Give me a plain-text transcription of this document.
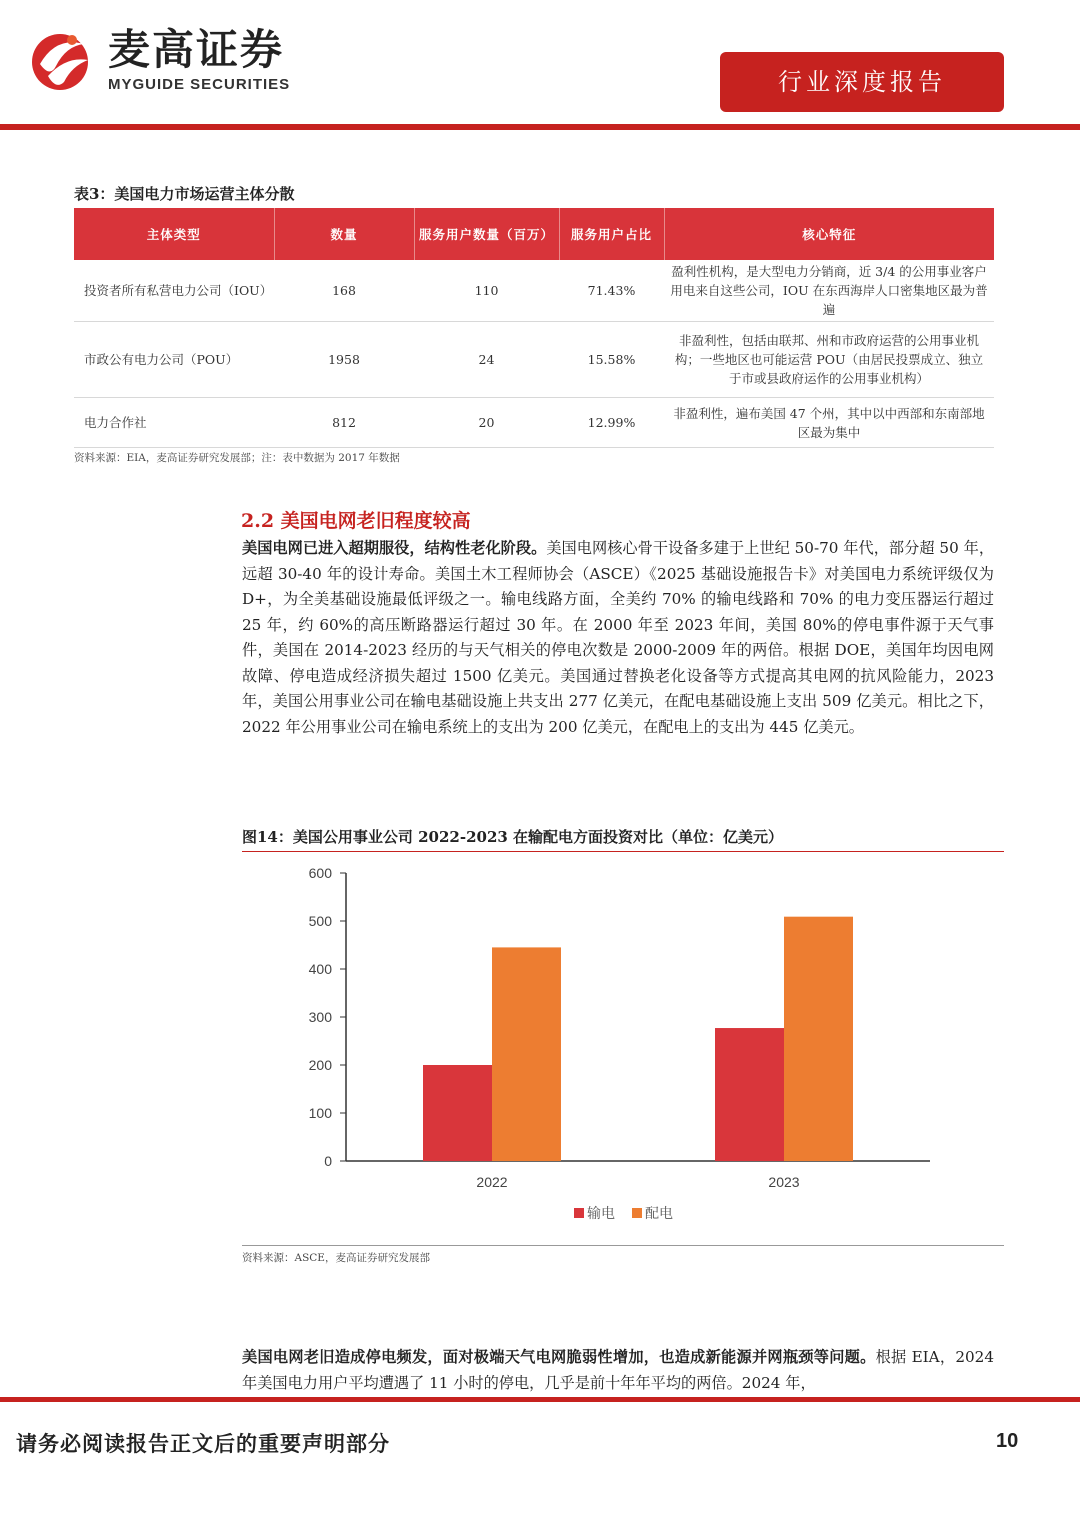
麦高证券
MYGUIDE SECURITIES	行业深度报告
表3：美国电力市场运营主体分散
主体类型	数量	服务用户数量（百万）	服务用户占比	核心特征
投资者所有私营电力公司（IOU）	168	110	71.43%	盈利性机构，是大型电力分销商，近 3/4 的公用事业客户用电来自这些公司，IOU 在东西海岸人口密集地区最为普遍
市政公有电力公司（POU）	1958	24	15.58%	非盈利性，包括由联邦、州和市政府运营的公用事业机构；一些地区也可能运营 POU（由居民投票成立、独立于市或县政府运作的公用事业机构）
电力合作社	812	20	12.99%	非盈利性，遍布美国 47 个州，其中以中西部和东南部地区最为集中
资料来源：EIA，麦高证券研究发展部；注：表中数据为 2017 年数据
2.2 美国电网老旧程度较高
美国电网已进入超期服役，结构性老化阶段。美国电网核心骨干设备多建于上世纪 50-70 年代，部分超 50 年，远超 30-40 年的设计寿命。美国土木工程师协会（ASCE）《2025 基础设施报告卡》对美国电力系统评级仅为 D+，为全美基础设施最低评级之一。输电线路方面，全美约 70% 的输电线路和 70% 的电力变压器运行超过 25 年，约 60%的高压断路器运行超过 30 年。在 2000 年至 2023 年间，美国 80%的停电事件源于天气事件，美国在 2014-2023 经历的与天气相关的停电次数是 2000-2009 年的两倍。根据 DOE，美国年均因电网故障、停电造成经济损失超过 1500 亿美元。美国通过替换老化设备等方式提高其电网的抗风险能力，2023 年，美国公用事业公司在输电基础设施上共支出 277 亿美元，在配电基础设施上支出 509 亿美元。相比之下，2022 年公用事业公司在输电系统上的支出为 200 亿美元，在配电上的支出为 445 亿美元。
图14：美国公用事业公司 2022-2023 在输配电方面投资对比（单位：亿美元）
0
100
200
300
400
500
600
2022	2023
输电 配电
资料来源：ASCE，麦高证券研究发展部
美国电网老旧造成停电频发，面对极端天气电网脆弱性增加，也造成新能源并网瓶颈等问题。根据 EIA，2024 年美国电力用户平均遭遇了 11 小时的停电，几乎是前十年年平均的两倍。2024 年，
请务必阅读报告正文后的重要声明部分	10
